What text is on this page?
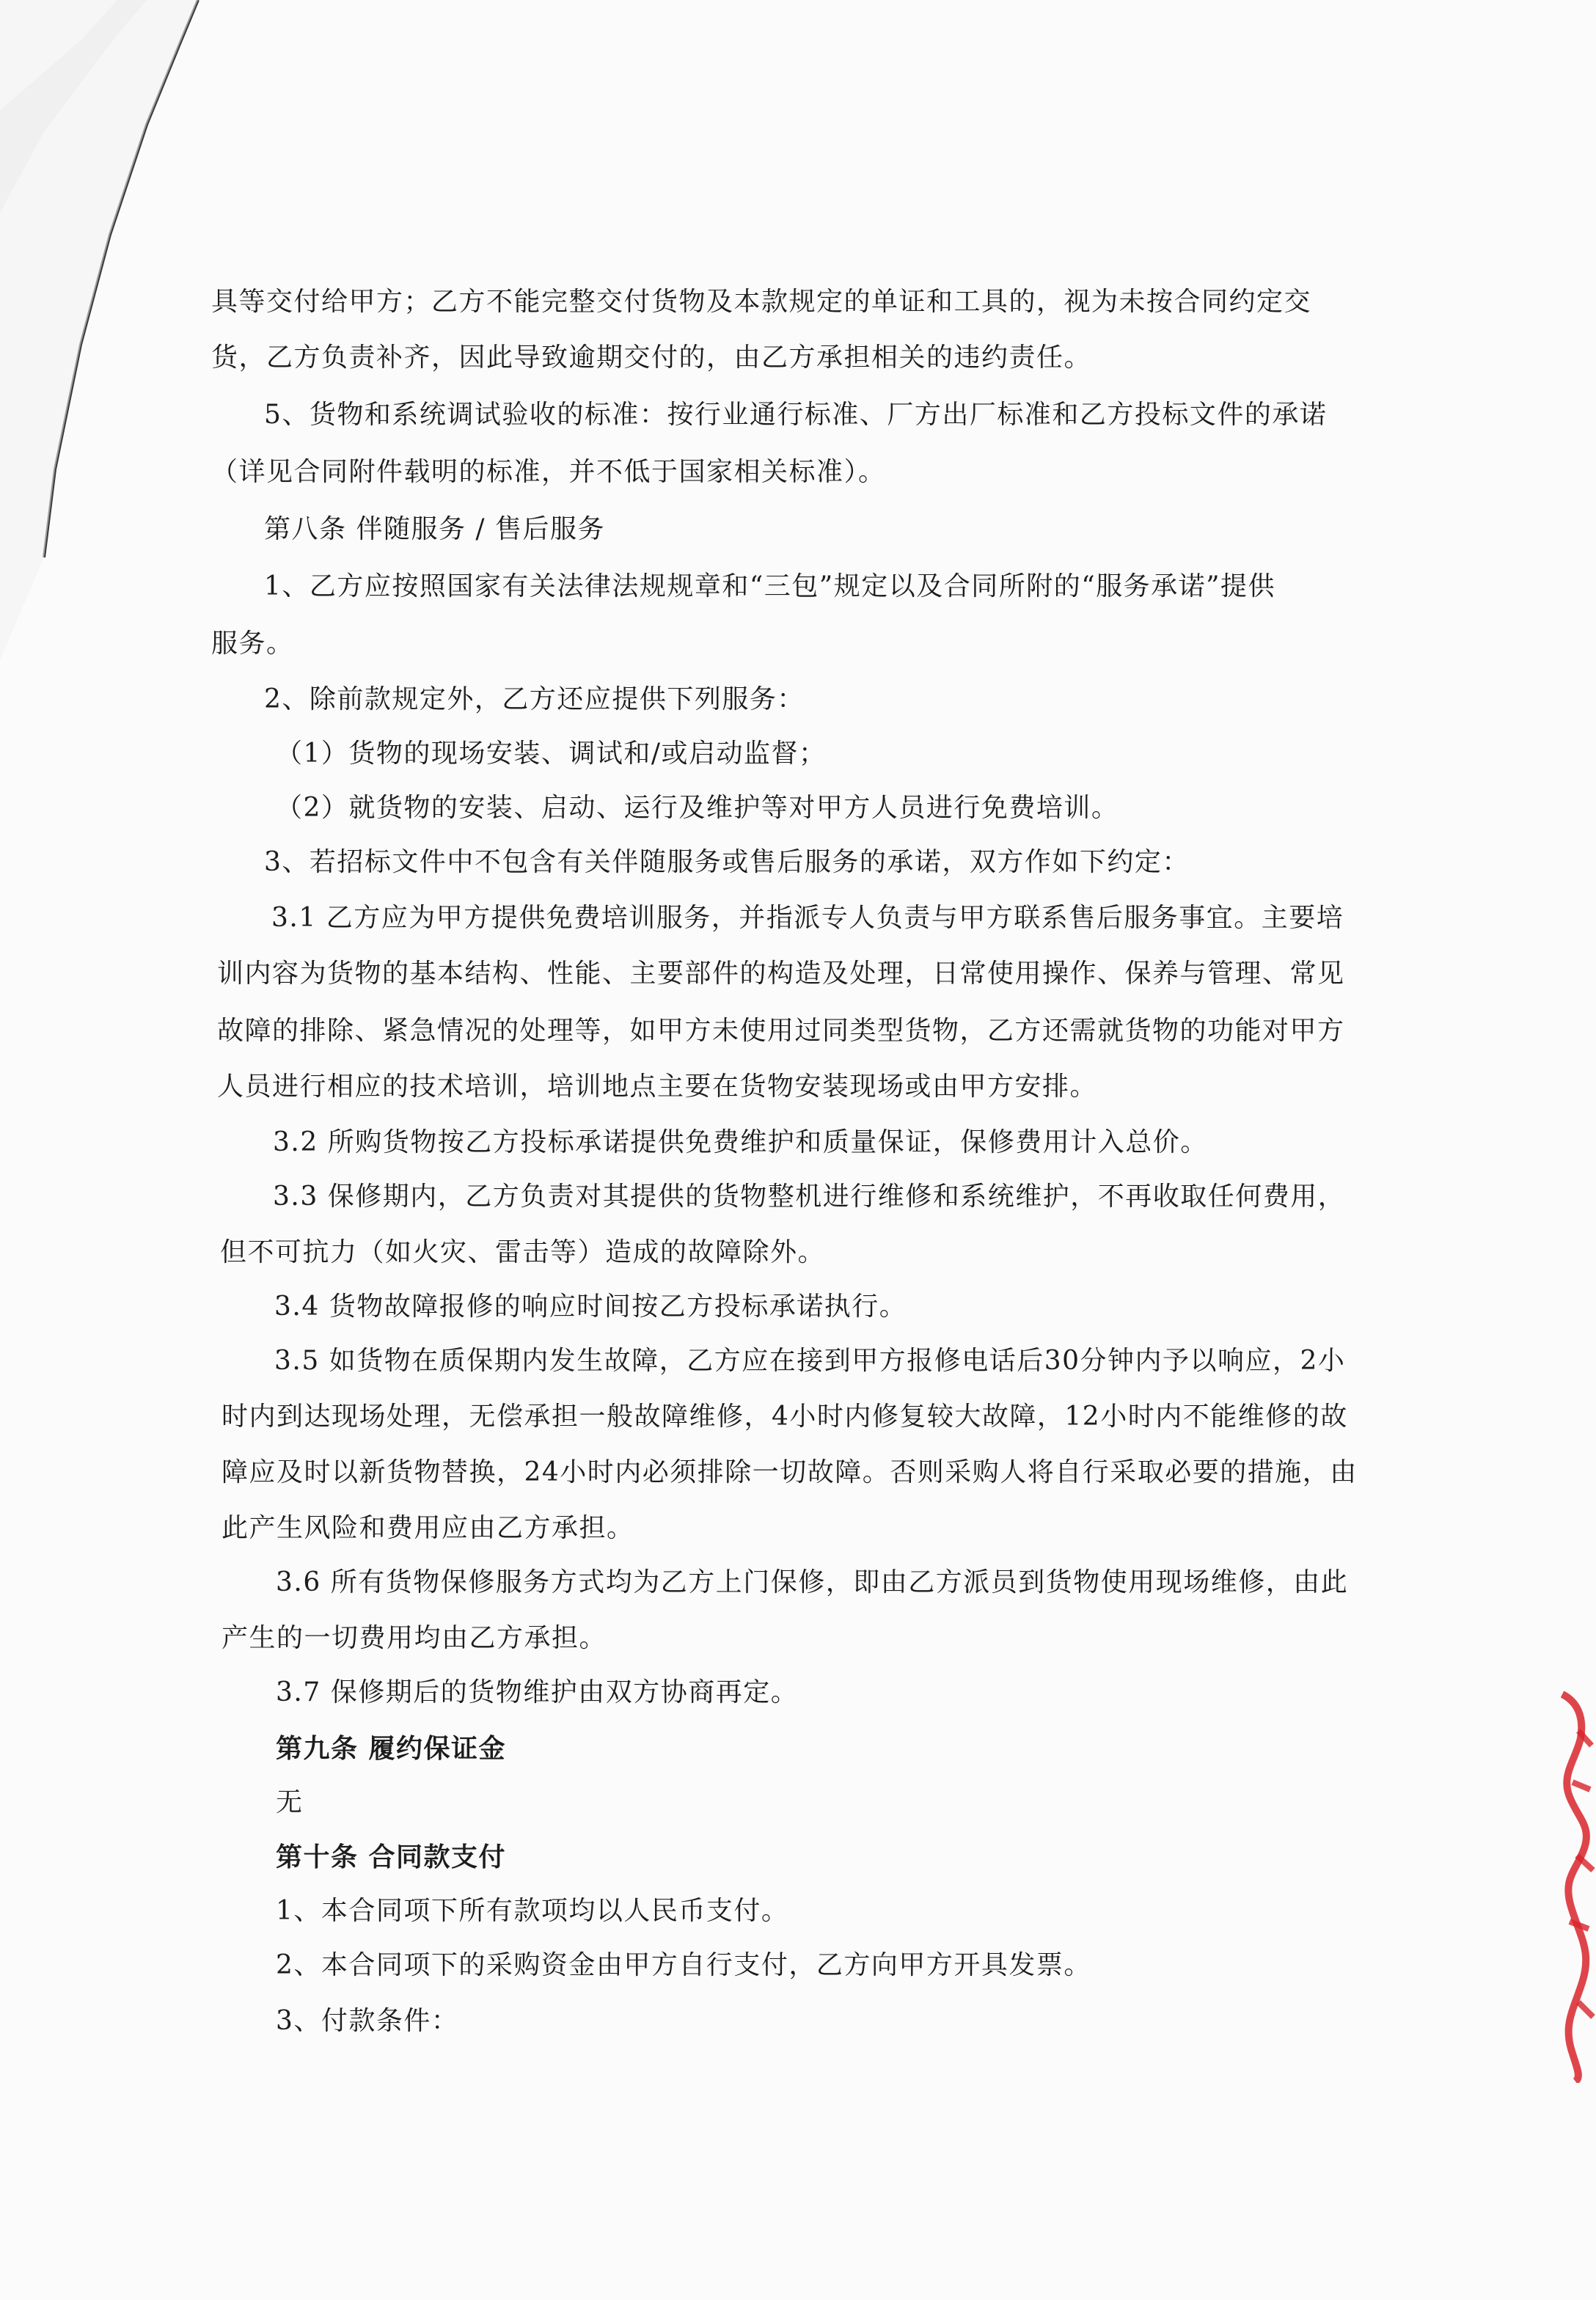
具等交付给甲方；乙方不能完整交付货物及本款规定的单证和工具的，视为未按合同约定交
货，乙方负责补齐，因此导致逾期交付的，由乙方承担相关的违约责任。
5、货物和系统调试验收的标准：按行业通行标准、厂方出厂标准和乙方投标文件的承诺
（详见合同附件载明的标准，并不低于国家相关标准）。
第八条 伴随服务 / 售后服务
1、乙方应按照国家有关法律法规规章和“三包”规定以及合同所附的“服务承诺”提供
服务。
2、除前款规定外，乙方还应提供下列服务：
（1）货物的现场安装、调试和/或启动监督；
（2）就货物的安装、启动、运行及维护等对甲方人员进行免费培训。
3、若招标文件中不包含有关伴随服务或售后服务的承诺，双方作如下约定：
3.1 乙方应为甲方提供免费培训服务，并指派专人负责与甲方联系售后服务事宜。主要培
训内容为货物的基本结构、性能、主要部件的构造及处理，日常使用操作、保养与管理、常见
故障的排除、紧急情况的处理等，如甲方未使用过同类型货物，乙方还需就货物的功能对甲方
人员进行相应的技术培训，培训地点主要在货物安装现场或由甲方安排。
3.2 所购货物按乙方投标承诺提供免费维护和质量保证，保修费用计入总价。
3.3 保修期内，乙方负责对其提供的货物整机进行维修和系统维护，不再收取任何费用，
但不可抗力（如火灾、雷击等）造成的故障除外。
3.4 货物故障报修的响应时间按乙方投标承诺执行。
3.5 如货物在质保期内发生故障，乙方应在接到甲方报修电话后30分钟内予以响应，2小
时内到达现场处理，无偿承担一般故障维修，4小时内修复较大故障，12小时内不能维修的故
障应及时以新货物替换，24小时内必须排除一切故障。否则采购人将自行采取必要的措施，由
此产生风险和费用应由乙方承担。
3.6 所有货物保修服务方式均为乙方上门保修，即由乙方派员到货物使用现场维修，由此
产生的一切费用均由乙方承担。
3.7 保修期后的货物维护由双方协商再定。
第九条 履约保证金
无
第十条 合同款支付
1、本合同项下所有款项均以人民币支付。
2、本合同项下的采购资金由甲方自行支付，乙方向甲方开具发票。
3、付款条件：
